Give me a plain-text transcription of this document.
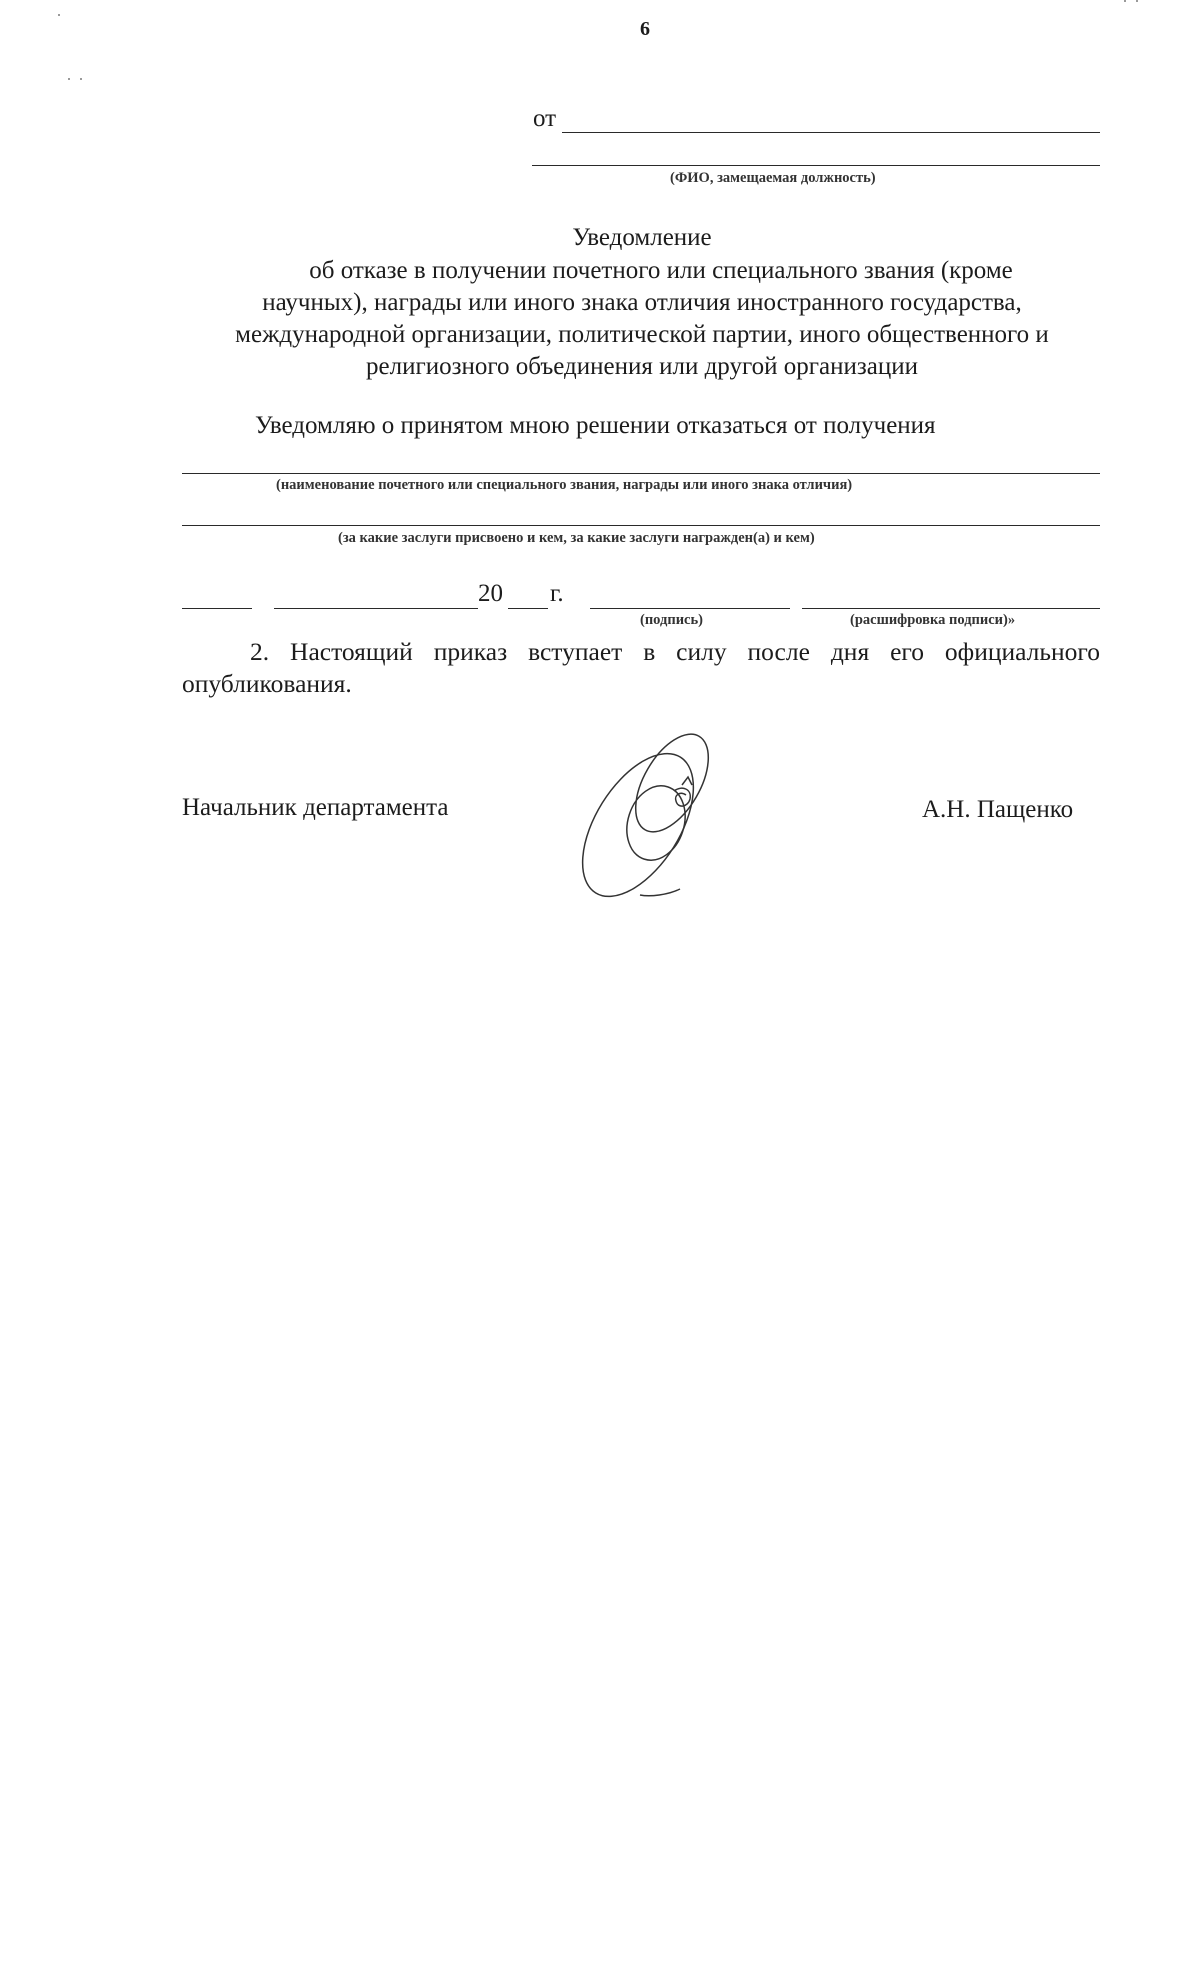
6
от
(ФИО, замещаемая должность)
Уведомление
об отказе в получении почетного или специального звания (кроме
научных), награды или иного знака отличия иностранного государства,
международной организации, политической партии, иного общественного и
религиозного объединения или другой организации
Уведомляю о принятом мною решении отказаться от получения
(наименование почетного или специального звания, награды или иного знака отличия)
(за какие заслуги присвоено и кем, за какие заслуги награжден(а) и кем)
20 г.
(подпись)	(расшифровка подписи)»
2. Настоящий приказ вступает в силу после дня его официального
опубликования.
Начальник департамента	А.Н. Пащенко
